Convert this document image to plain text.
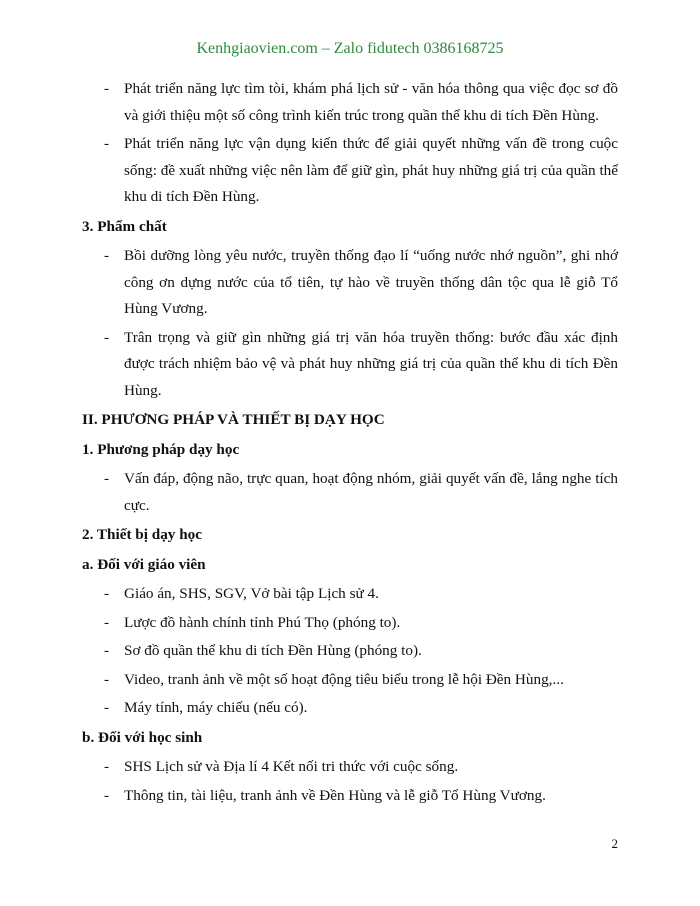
Kenhgiaovien.com – Zalo fidutech 0386168725
- Phát triển năng lực tìm tòi, khám phá lịch sử - văn hóa thông qua việc đọc sơ đồ và giới thiệu một số công trình kiến trúc trong quần thể khu di tích Đền Hùng.
- Phát triển năng lực vận dụng kiến thức để giải quyết những vấn đề trong cuộc sống: đề xuất những việc nên làm để giữ gìn, phát huy những giá trị của quần thể khu di tích Đền Hùng.
3. Phẩm chất
- Bồi dưỡng lòng yêu nước, truyền thống đạo lí “uống nước nhớ nguồn”, ghi nhớ công ơn dựng nước của tổ tiên, tự hào về truyền thống dân tộc qua lễ giỗ Tổ Hùng Vương.
- Trân trọng và giữ gìn những giá trị văn hóa truyền thống: bước đầu xác định được trách nhiệm bảo vệ và phát huy những giá trị của quần thể khu di tích Đền Hùng.
II. PHƯƠNG PHÁP VÀ THIẾT BỊ DẠY HỌC
1. Phương pháp dạy học
- Vấn đáp, động não, trực quan, hoạt động nhóm, giải quyết vấn đề, lắng nghe tích cực.
2. Thiết bị dạy học
a. Đối với giáo viên
- Giáo án, SHS, SGV, Vở bài tập Lịch sử 4.
- Lược đồ hành chính tỉnh Phú Thọ (phóng to).
- Sơ đồ quần thể khu di tích Đền Hùng (phóng to).
- Video, tranh ảnh về một số hoạt động tiêu biểu trong lễ hội Đền Hùng,...
- Máy tính, máy chiếu (nếu có).
b. Đối với học sinh
- SHS Lịch sử và Địa lí 4 Kết nối tri thức với cuộc sống.
- Thông tin, tài liệu, tranh ảnh về Đền Hùng và lễ giỗ Tổ Hùng Vương.
2
